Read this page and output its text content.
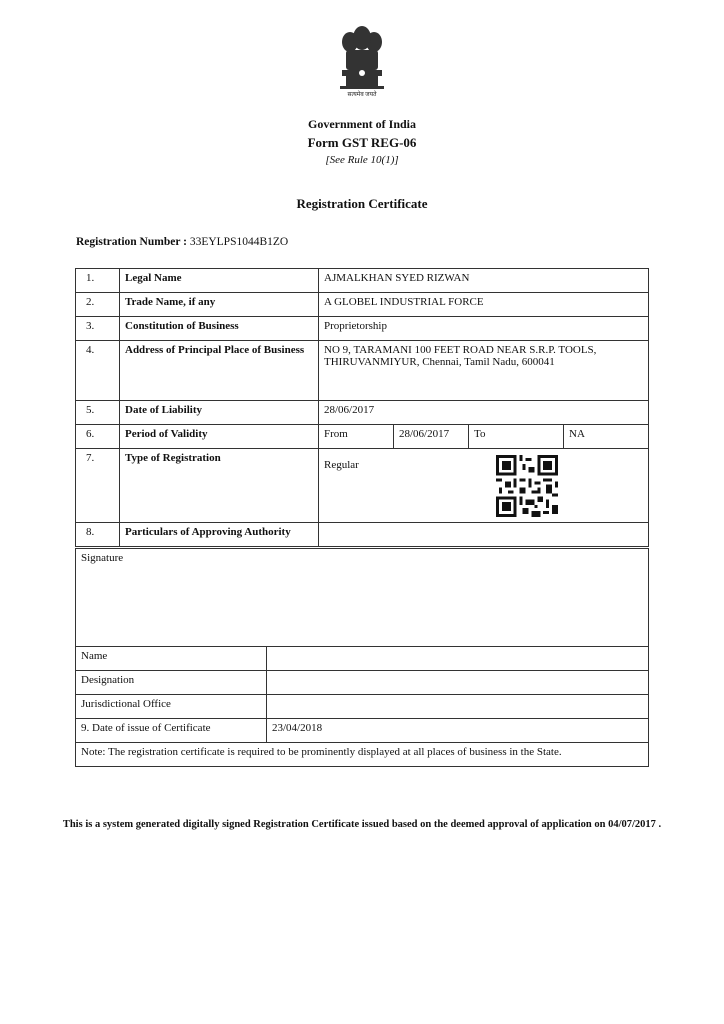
सत्यमेव जयते
Government of India
Form GST REG-06
[See Rule 10(1)]
Registration Certificate
Registration Number : 33EYLPS1044B1ZO
1.	Legal Name	AJMALKHAN SYED RIZWAN			
2.	Trade Name, if any	A GLOBEL INDUSTRIAL FORCE			
3.	Constitution of Business	Proprietorship			
4.	Address of Principal Place of Business	NO 9, TARAMANI 100 FEET ROAD NEAR S.R.P. TOOLS, THIRUVANMIYUR, Chennai, Tamil Nadu, 600041			
5.	Date of Liability	28/06/2017			
6.	Period of Validity	From	28/06/2017	To	NA
7.	Type of Registration	Regular			

8.	Particulars of Approving Authority				
Signature	
Name	
Designation	
Jurisdictional Office	
9. Date of issue of Certificate	23/04/2018
Note: The registration certificate is required to be prominently displayed at all places of business in the State.	
This is a system generated digitally signed Registration Certificate issued based on the deemed approval of application on 04/07/2017 .
